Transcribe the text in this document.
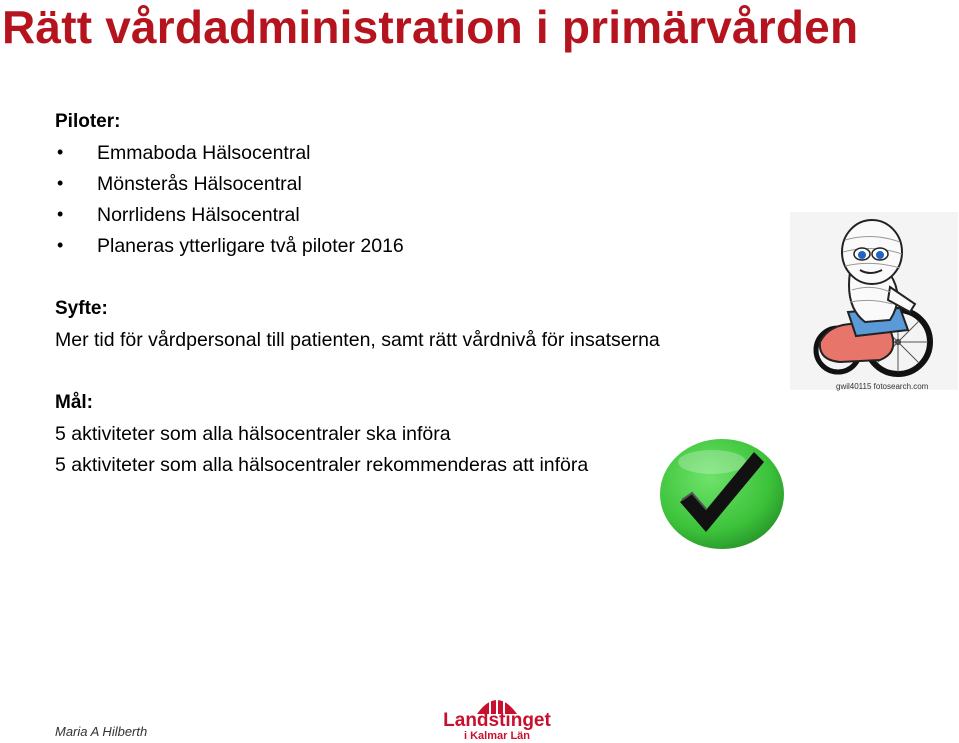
Rätt vårdadministration i primärvården
Piloter:
• Emmaboda Hälsocentral
• Mönsterås Hälsocentral
• Norrlidens Hälsocentral
• Planeras ytterligare två piloter 2016
Syfte:
Mer tid för vårdpersonal till patienten, samt rätt vårdnivå för insatserna
Mål:
5 aktiviteter som alla hälsocentraler ska införa
5 aktiviteter som alla hälsocentraler rekommenderas att införa
gwil40115 fotosearch.com
Maria A Hilberth
Landstinget
i Kalmar Län
